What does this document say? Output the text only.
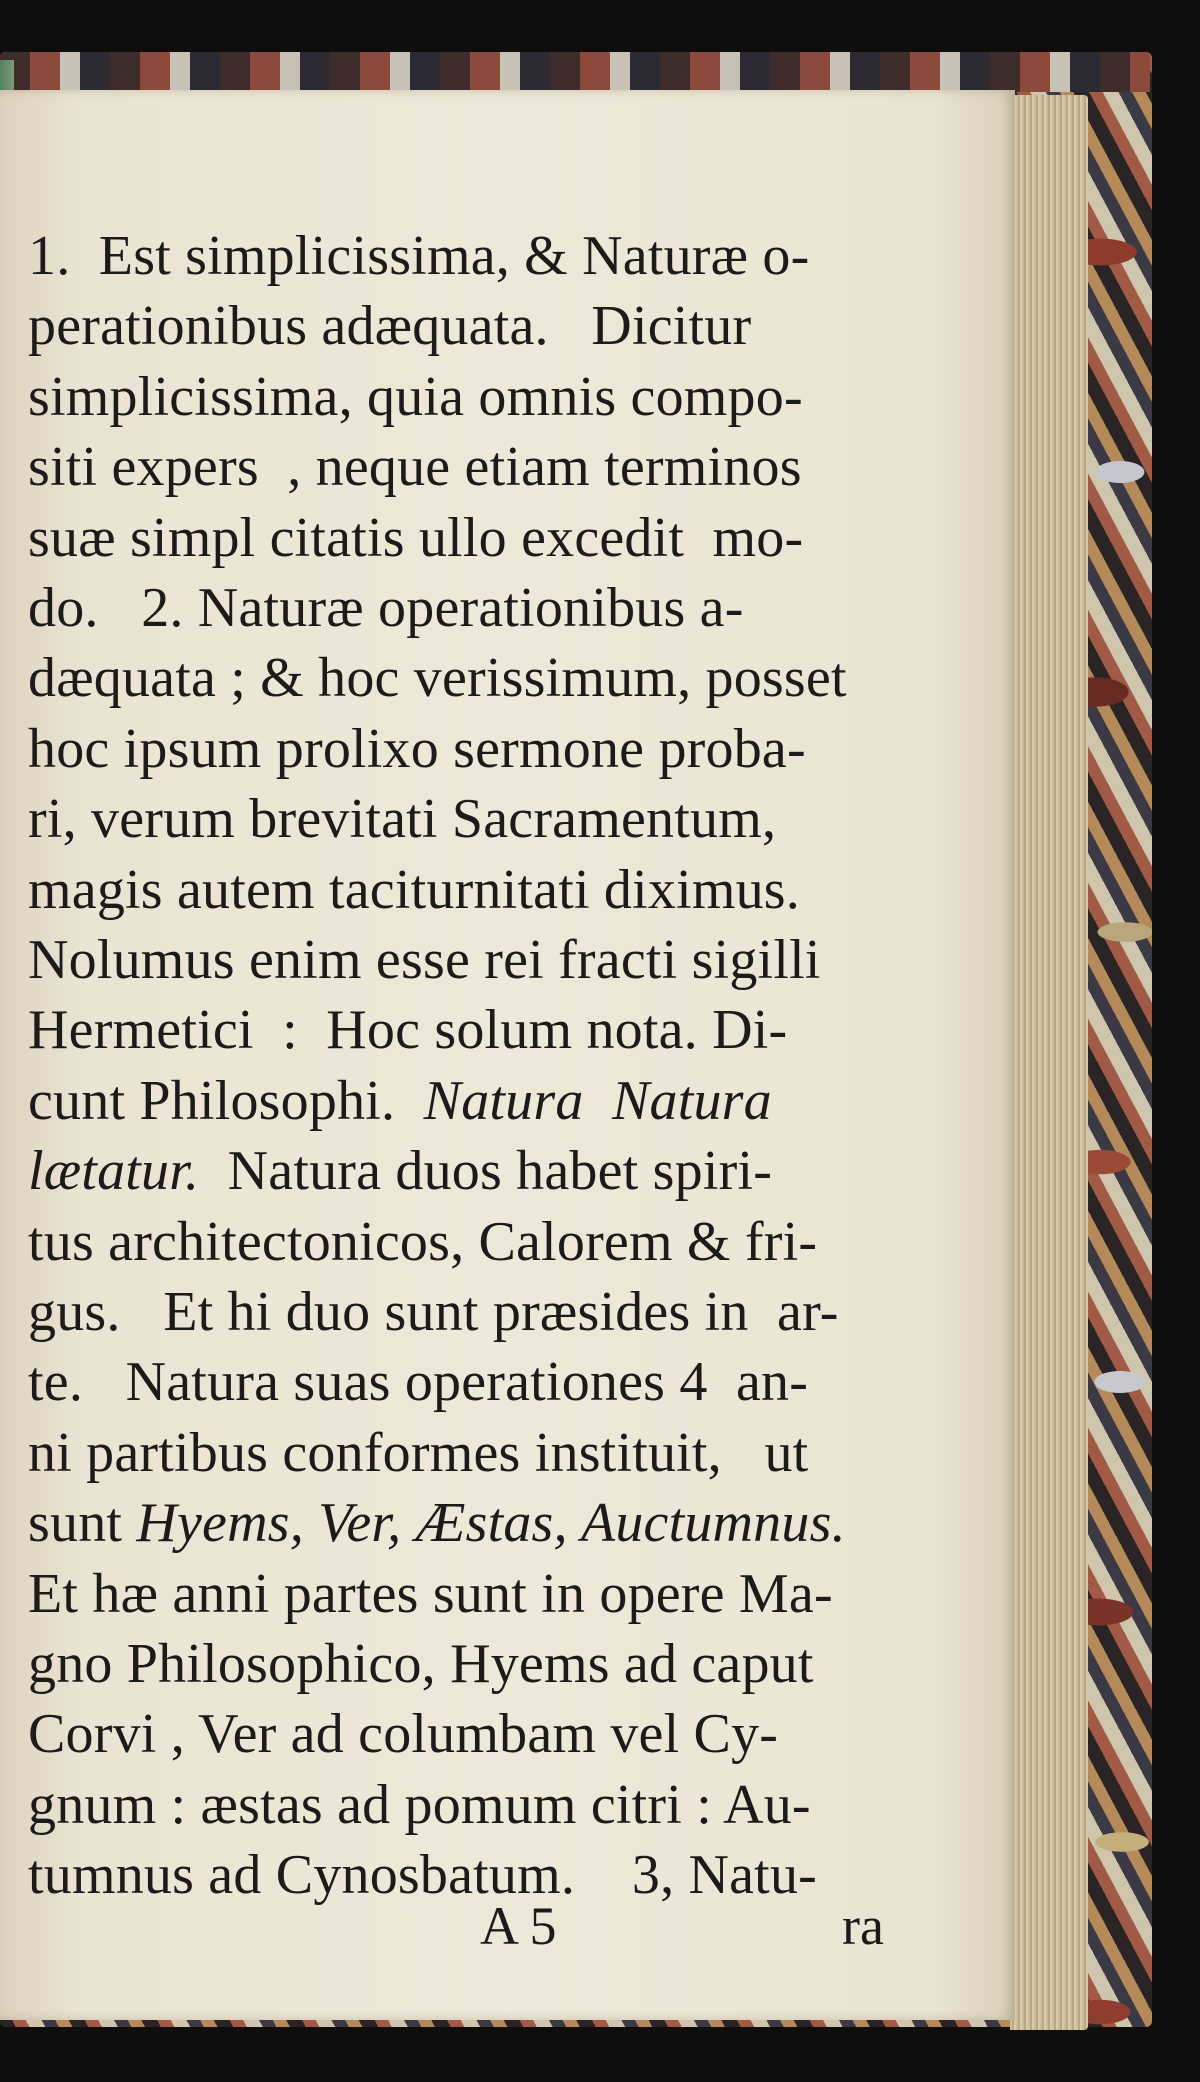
1.  Est simplicissima, & Naturæ o-
perationibus adæquata.   Dicitur
simplicissima, quia omnis compo-
siti expers  , neque etiam terminos
suæ simpl citatis ullo excedit  mo-
do.   2. Naturæ operationibus a-
dæquata ; & hoc verissimum, posset
hoc ipsum prolixo sermone proba-
ri, verum brevitati Sacramentum,
magis autem taciturnitati diximus.
Nolumus enim esse rei fracti sigilli
Hermetici  :  Hoc solum nota. Di-
cunt Philosophi.  Natura  Natura
lætatur.  Natura duos habet spiri-
tus architectonicos, Calorem & fri-
gus.   Et hi duo sunt præsides in  ar-
te.   Natura suas operationes 4  an-
ni partibus conformes instituit,   ut
sunt Hyems, Ver, Æstas, Auctumnus.
Et hæ anni partes sunt in opere Ma-
gno Philosophico, Hyems ad caput
Corvi , Ver ad columbam vel Cy-
gnum : æstas ad pomum citri : Au-
tumnus ad Cynosbatum.    3, Natu-
A 5	ra
